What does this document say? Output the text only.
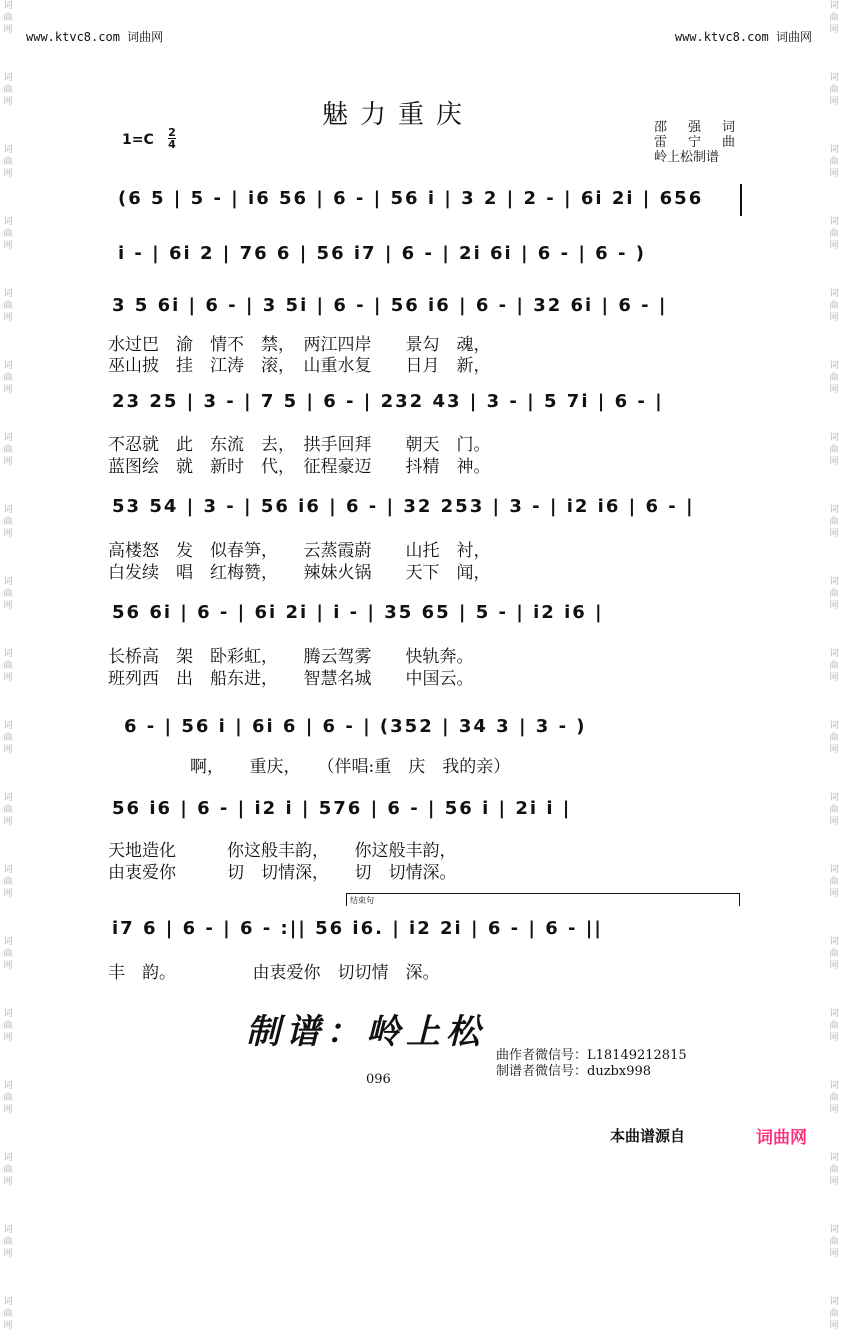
词
曲
网
词
曲
网
词
曲
网
词
曲
网
词
曲
网
词
曲
网
词
曲
网
词
曲
网
词
曲
网
词
曲
网
词
曲
网
词
曲
网
词
曲
网
词
曲
网
词
曲
网
词
曲
网
词
曲
网
词
曲
网
词
曲
网
词
曲
网
词
曲
网
词
曲
网
词
曲
网
词
曲
网
词
曲
网
词
曲
网
词
曲
网
词
曲
网
词
曲
网
词
曲
网
词
曲
网
词
曲
网
词
曲
网
词
曲
网
词
曲
网
词
曲
网
词
曲
网
词
曲
网
www.ktvc8.com 词曲网	www.ktvc8.com 词曲网
魅力重庆
1=C 2
4
邵　强　词
雷　宁　曲
岭上松制谱
(6 5 | 5 - | i6 56 | 6 - | 56 i | 3 2 | 2 - | 6i 2i | 656
i - | 6i 2 | 76 6 | 56 i7 | 6 - | 2i 6i | 6 - | 6 - )
3 5 6i | 6 - | 3 5i | 6 - | 56 i6 | 6 - | 32 6i | 6 - |
水过巴　渝　情不　禁，　两江四岸　　景勾　魂，
巫山披　挂　江涛　滚，　山重水复　　日月　新，
23 25 | 3 - | 7 5 | 6 - | 232 43 | 3 - | 5 7i | 6 - |
不忍就　此　东流　去，　拱手回拜　　朝天　门。
蓝图绘　就　新时　代，　征程豪迈　　抖精　神。
53 54 | 3 - | 56 i6 | 6 - | 32 253 | 3 - | i2 i6 | 6 - |
高楼怒　发　似春笋，　　云蒸霞蔚　　山托　衬，
白发续　唱　红梅赞，　　辣妹火锅　　天下　闻，
56 6i | 6 - | 6i 2i | i - | 35 65 | 5 - | i2 i6 |
长桥高　架　卧彩虹，　　腾云驾雾　　快轨奔。
班列西　出　船东进，　　智慧名城　　中国云。
6 - | 56 i | 6i 6 | 6 - | (352 | 34 3 | 3 - )
啊，　　重庆，　　（伴唱:重　庆　我的亲）
56 i6 | 6 - | i2 i | 576 | 6 - | 56 i | 2i i |
天地造化　　　你这般丰韵，　　你这般丰韵，
由衷爱你　　　切　切情深，　　切　切情深。
结束句
i7 6 | 6 - | 6 - :|| 56 i6. | i2 2i | 6 - | 6 - ||
丰　韵。　　　　　由衷爱你　切切情　深。
制谱：岭上松
曲作者微信号：L18149212815
制谱者微信号：duzbx998
096
本曲谱源自	词曲网
